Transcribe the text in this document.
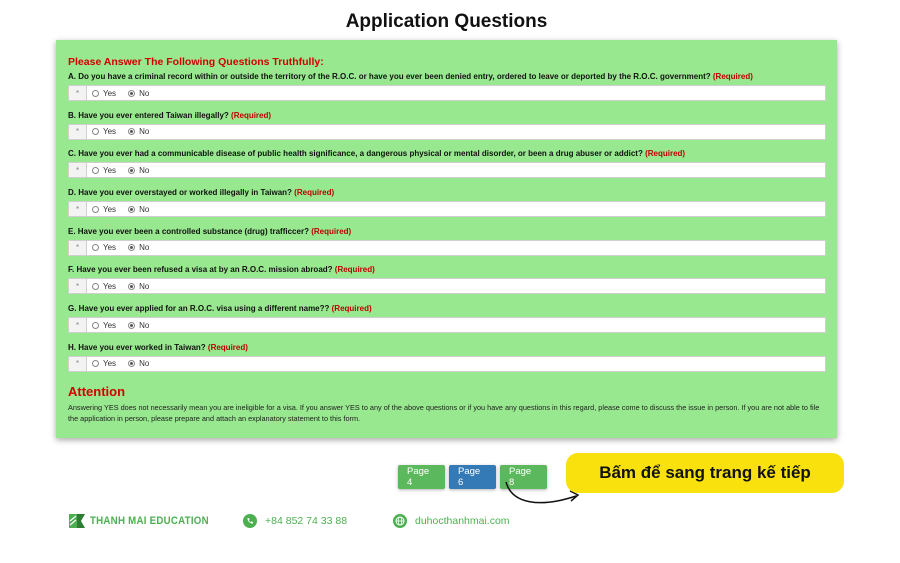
Application Questions
Please Answer The Following Questions Truthfully:
A. Do you have a criminal record within or outside the territory of the R.O.C. or have you ever been denied entry, ordered to leave or deported by the R.O.C. government? (Required)
*	Yes	No
B. Have you ever entered Taiwan illegally? (Required)
*	Yes	No
C. Have you ever had a communicable disease of public health significance, a dangerous physical or mental disorder, or been a drug abuser or addict? (Required)
*	Yes	No
D. Have you ever overstayed or worked illegally in Taiwan? (Required)
*	Yes	No
E. Have you ever been a controlled substance (drug) trafficcer? (Required)
*	Yes	No
F. Have you ever been refused a visa at by an R.O.C. mission abroad? (Required)
*	Yes	No
G. Have you ever applied for an R.O.C. visa using a different name?? (Required)
*	Yes	No
H. Have you ever worked in Taiwan? (Required)
*	Yes	No
Attention
Answering YES does not necessarily mean you are ineligible for a visa. If you answer YES to any of the above questions or if you have any questions in this regard, please come to discuss the issue in person. If you are not able to file the application in person, please prepare and attach an explanatory statement to this form.
Page 4
Page 6
Page 8
Bấm để sang trang kế tiếp
THANH MAI EDUCATION	+84 852 74 33 88	duhocthanhmai.com
